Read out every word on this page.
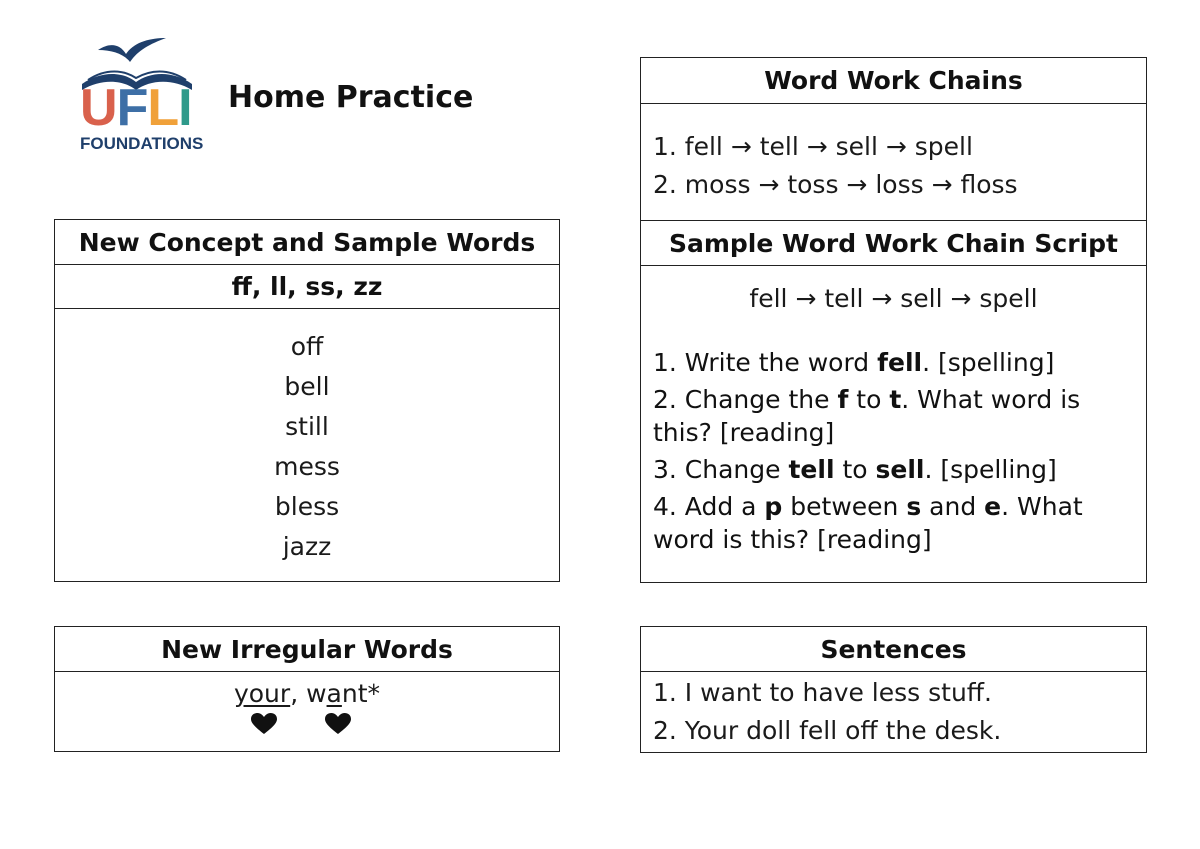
UFLI
FOUNDATIONS
Home Practice
New Concept and Sample Words
ff, ll, ss, zz
off
bell
still
mess
bless
jazz
New Irregular Words
your, want*
Word Work Chains
1. fell → tell → sell → spell
2. moss → toss → loss → floss
Sample Word Work Chain Script
fell → tell → sell → spell
1. Write the word fell. [spelling]
2. Change the f to t. What word is this? [reading]
3. Change tell to sell. [spelling]
4. Add a p between s and e. What word is this? [reading]
Sentences
1. I want to have less stuff.
2. Your doll fell off the desk.
